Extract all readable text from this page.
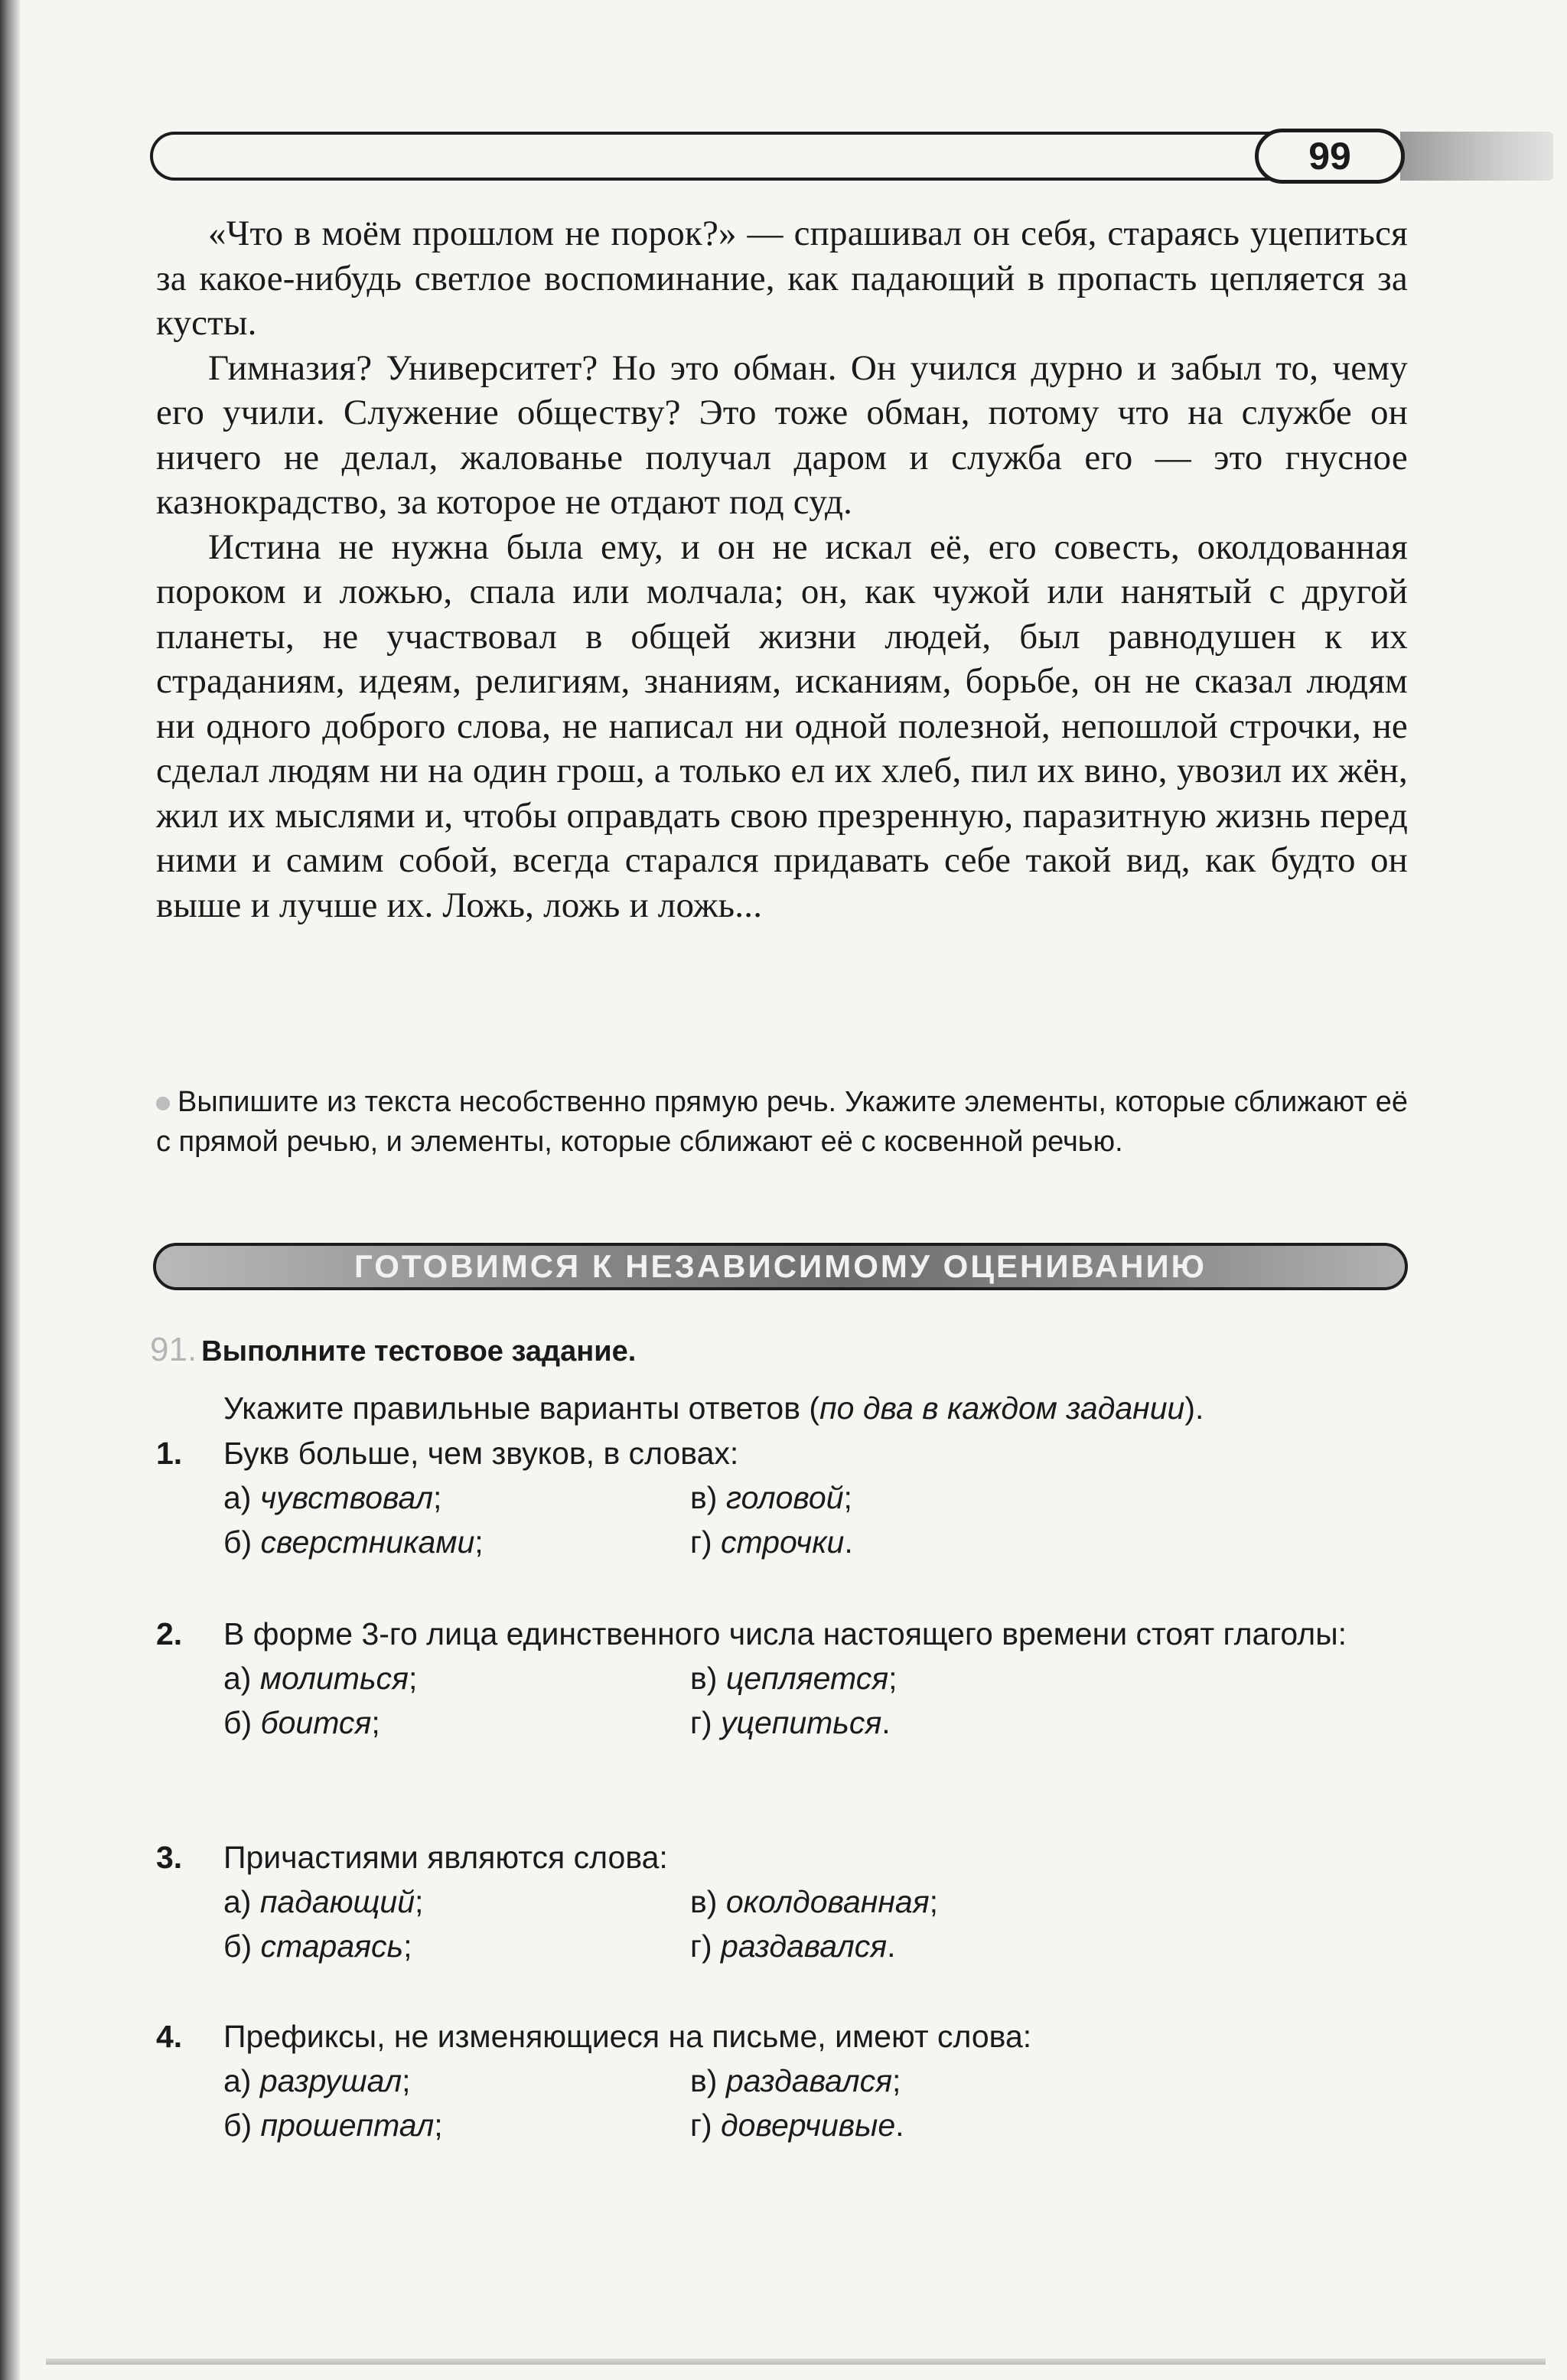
99

«Что в моём прошлом не порок?» — спрашивал он себя, стараясь уцепиться за какое-нибудь светлое воспоминание, как падающий в пропасть цепляется за кусты.

Гимназия? Университет? Но это обман. Он учился дурно и забыл то, чему его учили. Служение обществу? Это тоже обман, потому что на службе он ничего не делал, жалованье получал даром и служба его — это гнусное казнокрадство, за которое не отдают под суд.

Истина не нужна была ему, и он не искал её, его совесть, околдованная пороком и ложью, спала или молчала; он, как чужой или нанятый с другой планеты, не участвовал в общей жизни людей, был равнодушен к их страданиям, идеям, религиям, знаниям, исканиям, борьбе, он не сказал людям ни одного доброго слова, не написал ни одной полезной, непошлой строчки, не сделал людям ни на один грош, а только ел их хлеб, пил их вино, увозил их жён, жил их мыслями и, чтобы оправдать свою презренную, паразитную жизнь перед ними и самим собой, всегда старался придавать себе такой вид, как будто он выше и лучше их. Ложь, ложь и ложь...

Выпишите из текста несобственно прямую речь. Укажите элементы, которые сближают её с прямой речью, и элементы, которые сближают её с косвенной речью.

ГОТОВИМСЯ К НЕЗАВИСИМОМУ ОЦЕНИВАНИЮ
91. Выполните тестовое задание.
Укажите правильные варианты ответов (по два в каждом задании).
1. Букв больше, чем звуков, в словах:
а) чувствовал;	в) головой;
б) сверстниками;	г) строчки.
2. В форме 3-го лица единственного числа настоящего времени стоят глаголы:
а) молиться;	в) цепляется;
б) боится;	г) уцепиться.
3. Причастиями являются слова:
а) падающий;	в) околдованная;
б) стараясь;	г) раздавался.
4. Префиксы, не изменяющиеся на письме, имеют слова:
а) разрушал;	в) раздавался;
б) прошептал;	г) доверчивые.
